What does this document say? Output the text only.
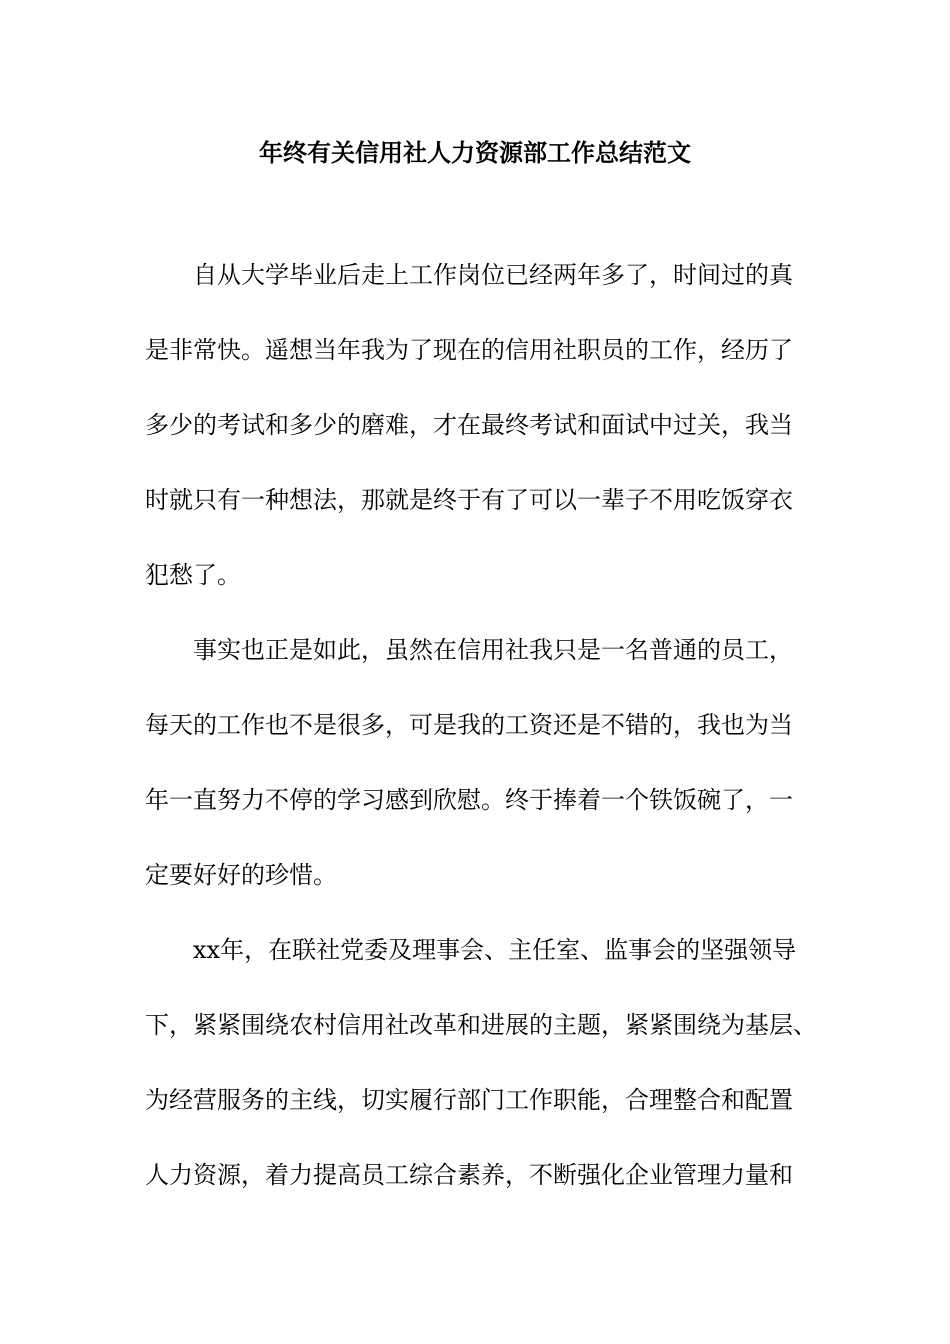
年终有关信用社人力资源部工作总结范文

自从大学毕业后走上工作岗位已经两年多了，时间过的真

是非常快。遥想当年我为了现在的信用社职员的工作，经历了

多少的考试和多少的磨难，才在最终考试和面试中过关，我当

时就只有一种想法，那就是终于有了可以一辈子不用吃饭穿衣

犯愁了。

事实也正是如此，虽然在信用社我只是一名普通的员工，

每天的工作也不是很多，可是我的工资还是不错的，我也为当

年一直努力不停的学习感到欣慰。终于捧着一个铁饭碗了，一

定要好好的珍惜。

xx年，在联社党委及理事会、主任室、监事会的坚强领导

下，紧紧围绕农村信用社改革和进展的主题，紧紧围绕为基层、

为经营服务的主线，切实履行部门工作职能，合理整合和配置

人力资源，着力提高员工综合素养，不断强化企业管理力量和
